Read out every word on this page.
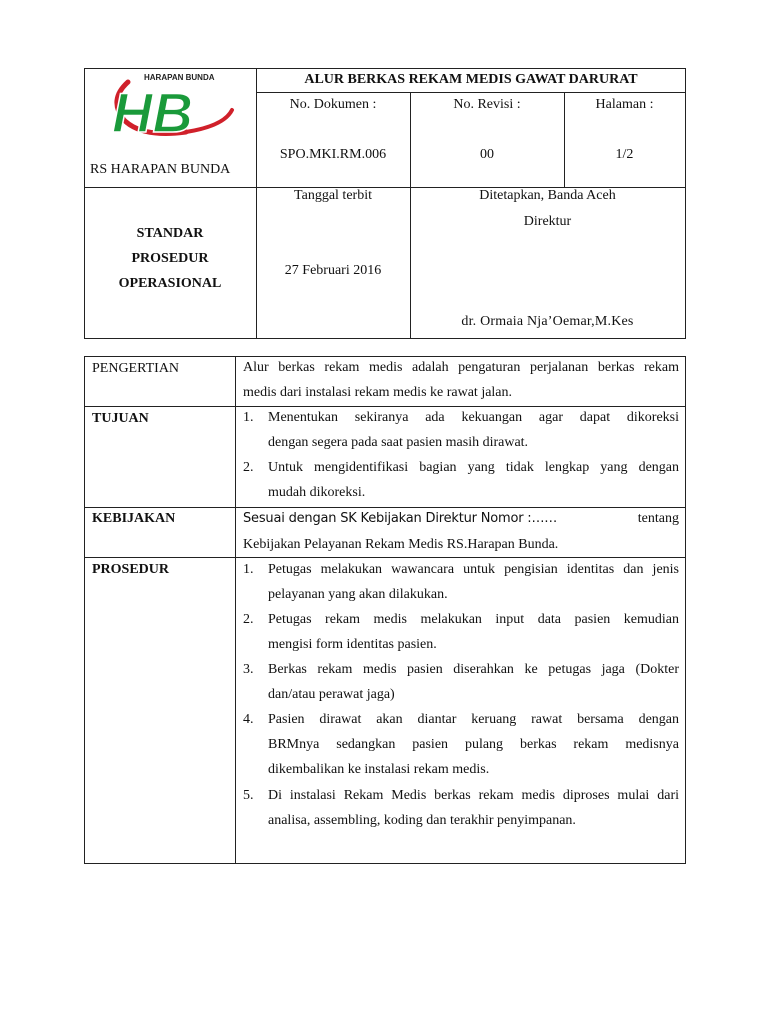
HARAPAN BUNDA
HB
RS HARAPAN BUNDA
ALUR BERKAS REKAM MEDIS GAWAT DARURAT
No. Dokumen :
SPO.MKI.RM.006
No. Revisi :
00
Halaman :
1/2
STANDAR
PROSEDUR
OPERASIONAL
Tanggal terbit
27 Februari 2016
Ditetapkan, Banda Aceh
Direktur
dr. Ormaia Nja’Oemar,M.Kes
PENGERTIAN	Alur berkas rekam medis adalah pengaturan perjalanan berkas rekam
medis dari instalasi rekam medis ke rawat jalan.
TUJUAN	1.	Menentukan sekiranya ada kekuangan agar dapat dikoreksi
dengan segera pada saat pasien masih dirawat.
2.	Untuk mengidentifikasi bagian yang tidak lengkap yang dengan
mudah dikoreksi.
KEBIJAKAN	Sesuai dengan SK Kebijakan Direktur Nomor :……	tentang
Kebijakan Pelayanan Rekam Medis RS.Harapan Bunda.
PROSEDUR	1.	Petugas melakukan wawancara untuk pengisian identitas dan jenis
pelayanan yang akan dilakukan.
2.	Petugas rekam medis melakukan input data pasien kemudian
mengisi form identitas pasien.
3.	Berkas rekam medis pasien diserahkan ke petugas jaga (Dokter
dan/atau perawat jaga)
4.	Pasien dirawat akan diantar keruang rawat bersama dengan
BRMnya sedangkan pasien pulang berkas rekam medisnya
dikembalikan ke instalasi rekam medis.
5.	Di instalasi Rekam Medis berkas rekam medis diproses mulai dari
analisa, assembling, koding dan terakhir penyimpanan.
